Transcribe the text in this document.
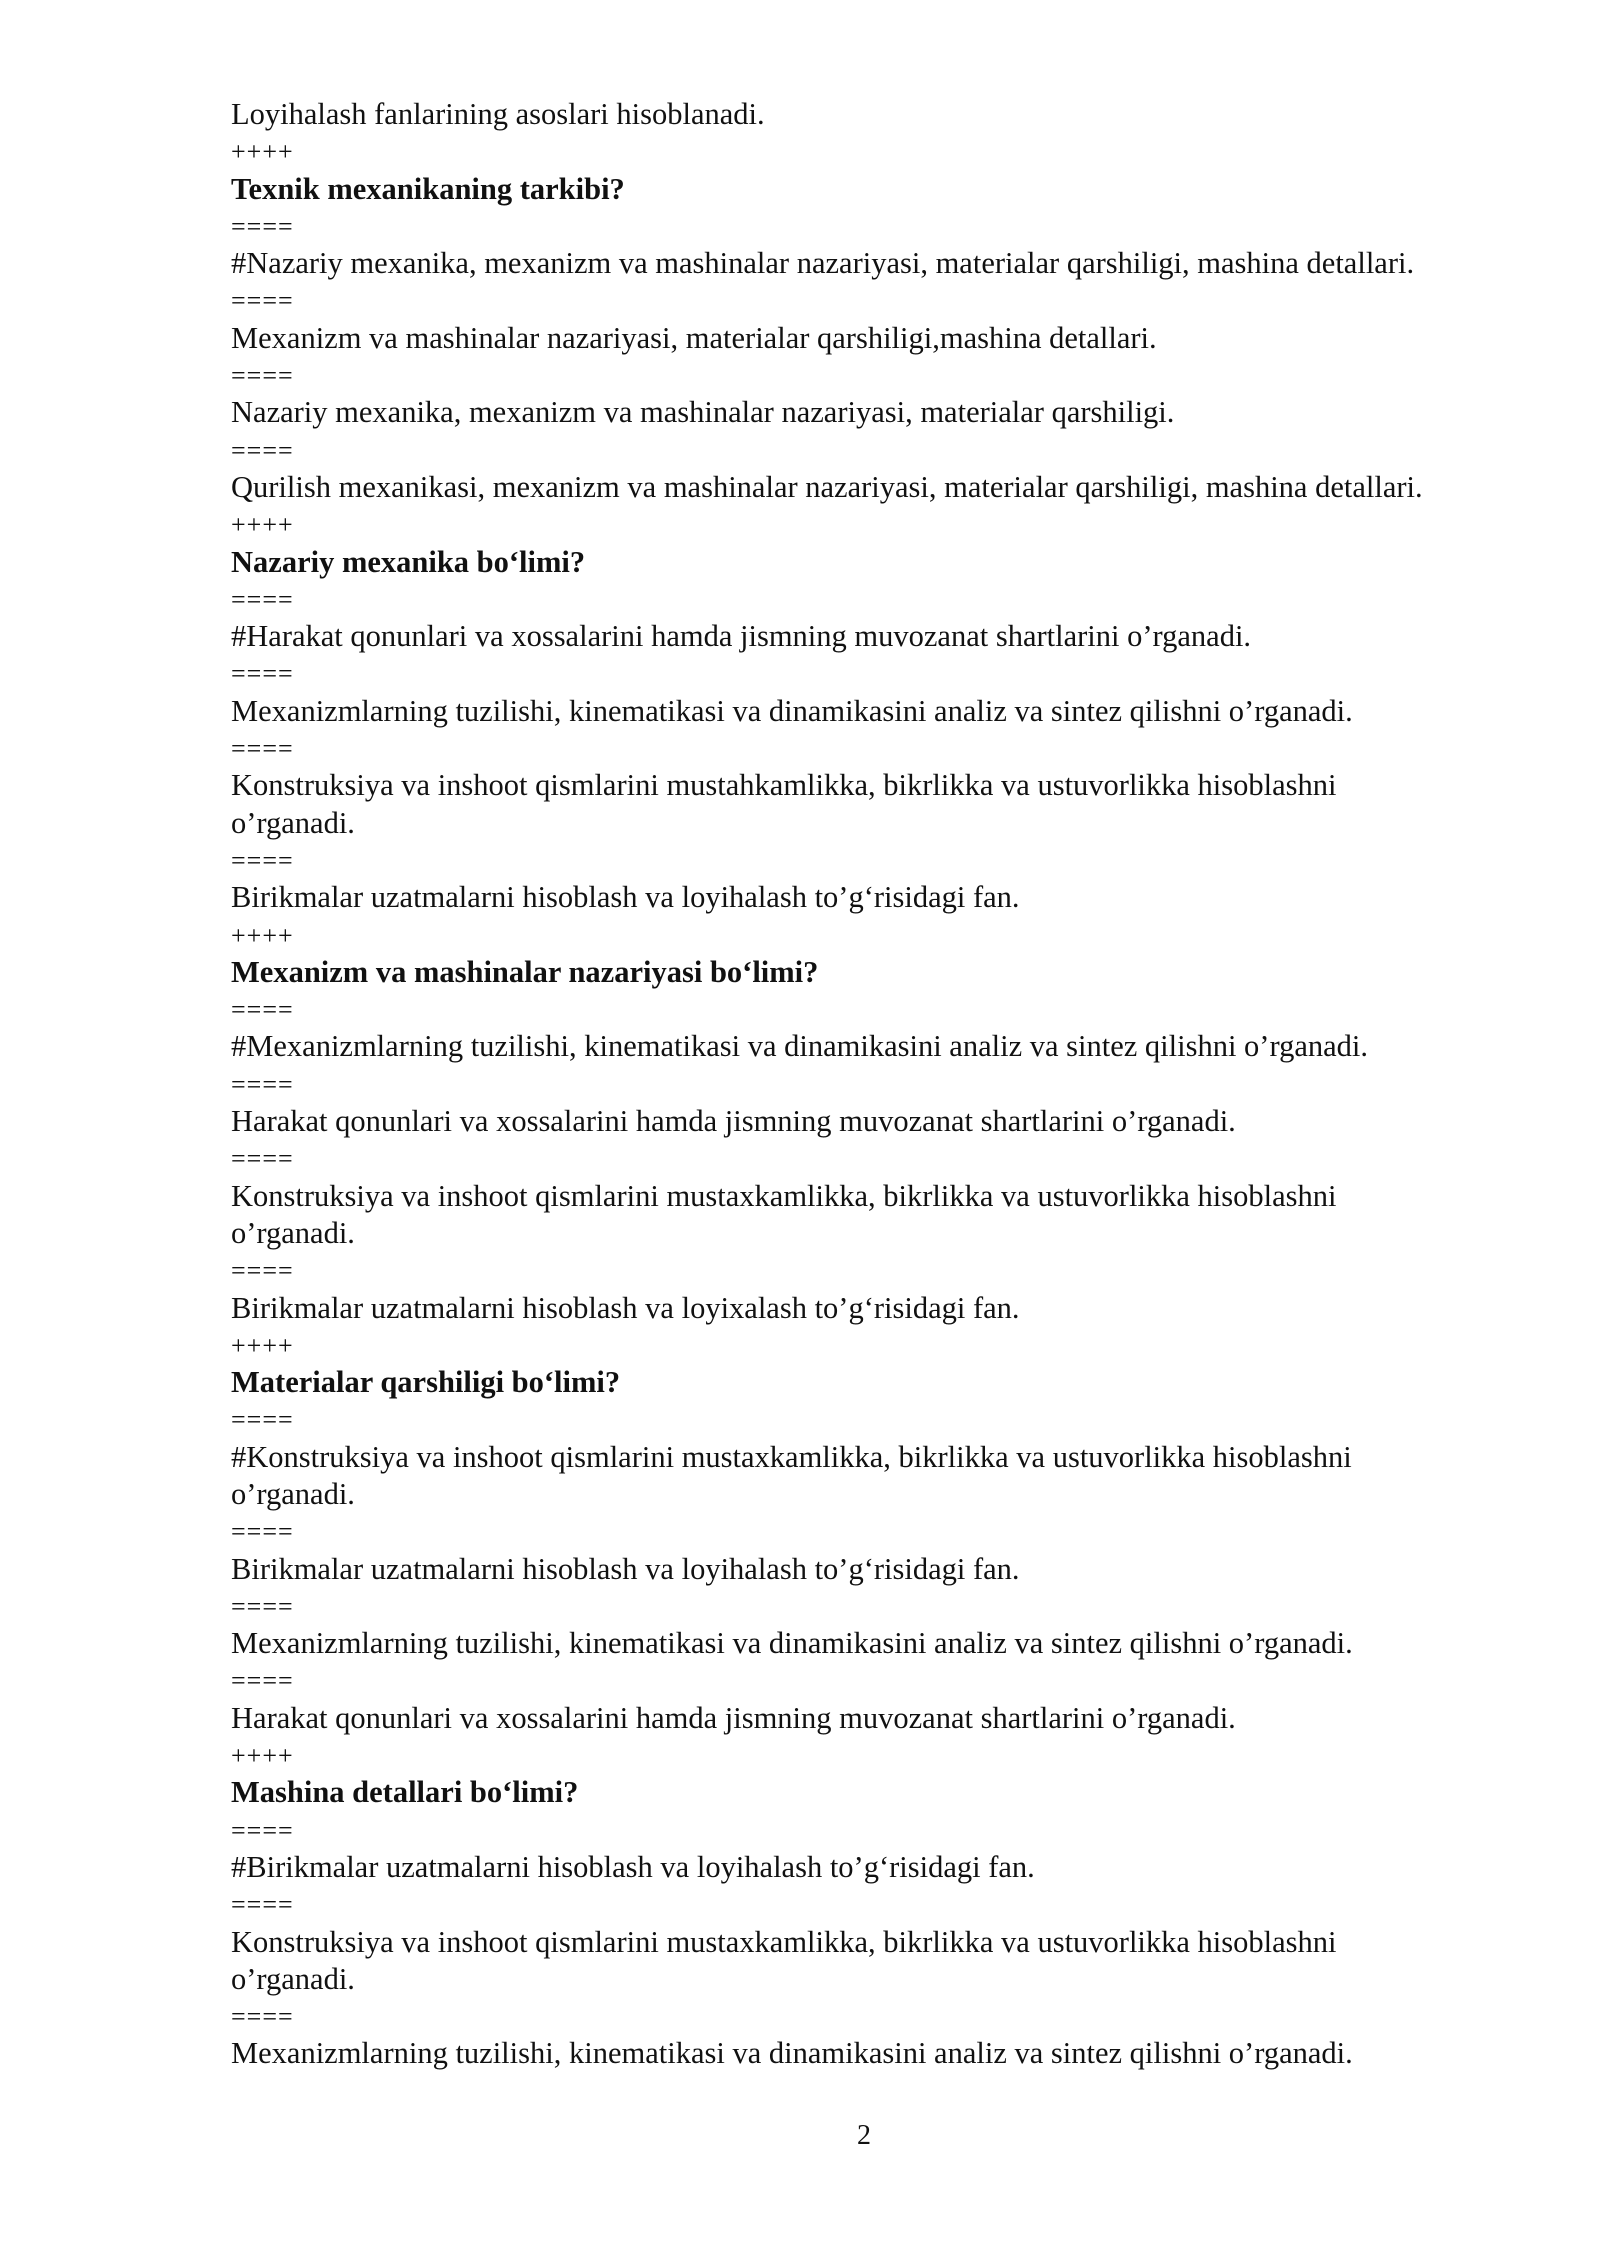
Loyihalash fanlarining asoslari hisoblanadi.
++++
Texnik mexanikaning tarkibi?
====
#Nazariy mexanika, mexanizm va mashinalar nazariyasi, materialar qarshiligi, mashina detallari.
====
Mexanizm va mashinalar nazariyasi, materialar qarshiligi,mashina detallari.
====
Nazariy mexanika, mexanizm va mashinalar nazariyasi, materialar qarshiligi.
====
Qurilish mexanikasi, mexanizm va mashinalar nazariyasi, materialar qarshiligi, mashina detallari.
++++
Nazariy mexanika bo‘limi?
====
#Harakat qonunlari va xossalarini hamda jismning muvozanat shartlarini o’rganadi.
====
Mexanizmlarning tuzilishi, kinematikasi va dinamikasini analiz va sintez qilishni o’rganadi.
====
Konstruksiya va inshoot qismlarini mustahkamlikka, bikrlikka va ustuvorlikka hisoblashni o’rganadi.
====
Birikmalar uzatmalarni hisoblash va loyihalash to’g‘risidagi fan.
++++
Mexanizm va mashinalar nazariyasi bo‘limi?
====
#Mexanizmlarning tuzilishi, kinematikasi va dinamikasini analiz va sintez qilishni o’rganadi.
====
Harakat qonunlari va xossalarini hamda jismning muvozanat shartlarini o’rganadi.
====
Konstruksiya va inshoot qismlarini mustaxkamlikka, bikrlikka va ustuvorlikka hisoblashni o’rganadi.
====
Birikmalar uzatmalarni hisoblash va loyixalash to’g‘risidagi fan.
++++
Materialar qarshiligi bo‘limi?
====
#Konstruksiya va inshoot qismlarini mustaxkamlikka, bikrlikka va ustuvorlikka hisoblashni o’rganadi.
====
Birikmalar uzatmalarni hisoblash va loyihalash to’g‘risidagi fan.
====
Mexanizmlarning tuzilishi, kinematikasi va dinamikasini analiz va sintez qilishni o’rganadi.
====
Harakat qonunlari va xossalarini hamda jismning muvozanat shartlarini o’rganadi.
++++
Mashina detallari bo‘limi?
====
#Birikmalar uzatmalarni hisoblash va loyihalash to’g‘risidagi fan.
====
Konstruksiya va inshoot qismlarini mustaxkamlikka, bikrlikka va ustuvorlikka hisoblashni o’rganadi.
====
Mexanizmlarning tuzilishi, kinematikasi va dinamikasini analiz va sintez qilishni o’rganadi.
2
